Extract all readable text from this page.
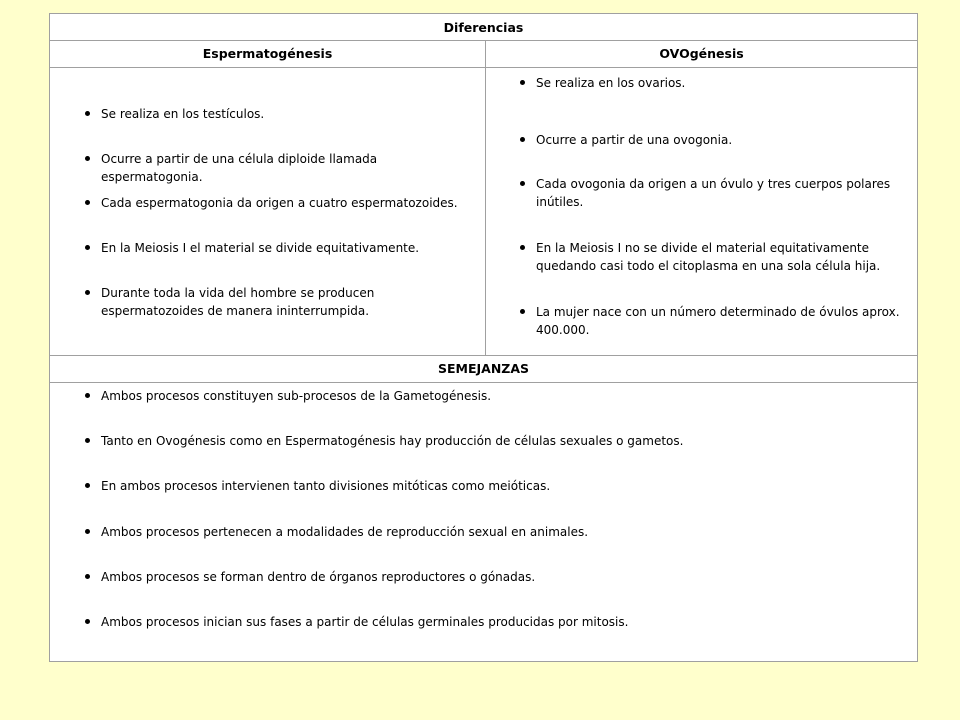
Diferencias
Espermatogénesis	OVOgénesis
Se realiza en los testículos.
Ocurre a partir de una célula diploide llamada espermatogonia.
Cada espermatogonia da origen a cuatro espermatozoides.
En la Meiosis I el material se divide equitativamente.
Durante toda la vida del hombre se producen espermatozoides de manera ininterrumpida.
Se realiza en los ovarios.
Ocurre a partir de una ovogonia.
Cada ovogonia da origen a un óvulo y tres cuerpos polares inútiles.
En la Meiosis I no se divide el material equitativamente quedando casi todo el citoplasma en una sola célula hija.
La mujer nace con un número determinado de óvulos aprox. 400.000.
SEMEJANZAS
Ambos procesos constituyen sub-procesos de la Gametogénesis.
Tanto en Ovogénesis como en Espermatogénesis hay producción de células sexuales o gametos.
En ambos procesos intervienen tanto divisiones mitóticas como meióticas.
Ambos procesos pertenecen a modalidades de reproducción sexual en animales.
Ambos procesos se forman dentro de órganos reproductores o gónadas.
Ambos procesos inician sus fases a partir de células germinales producidas por mitosis.
